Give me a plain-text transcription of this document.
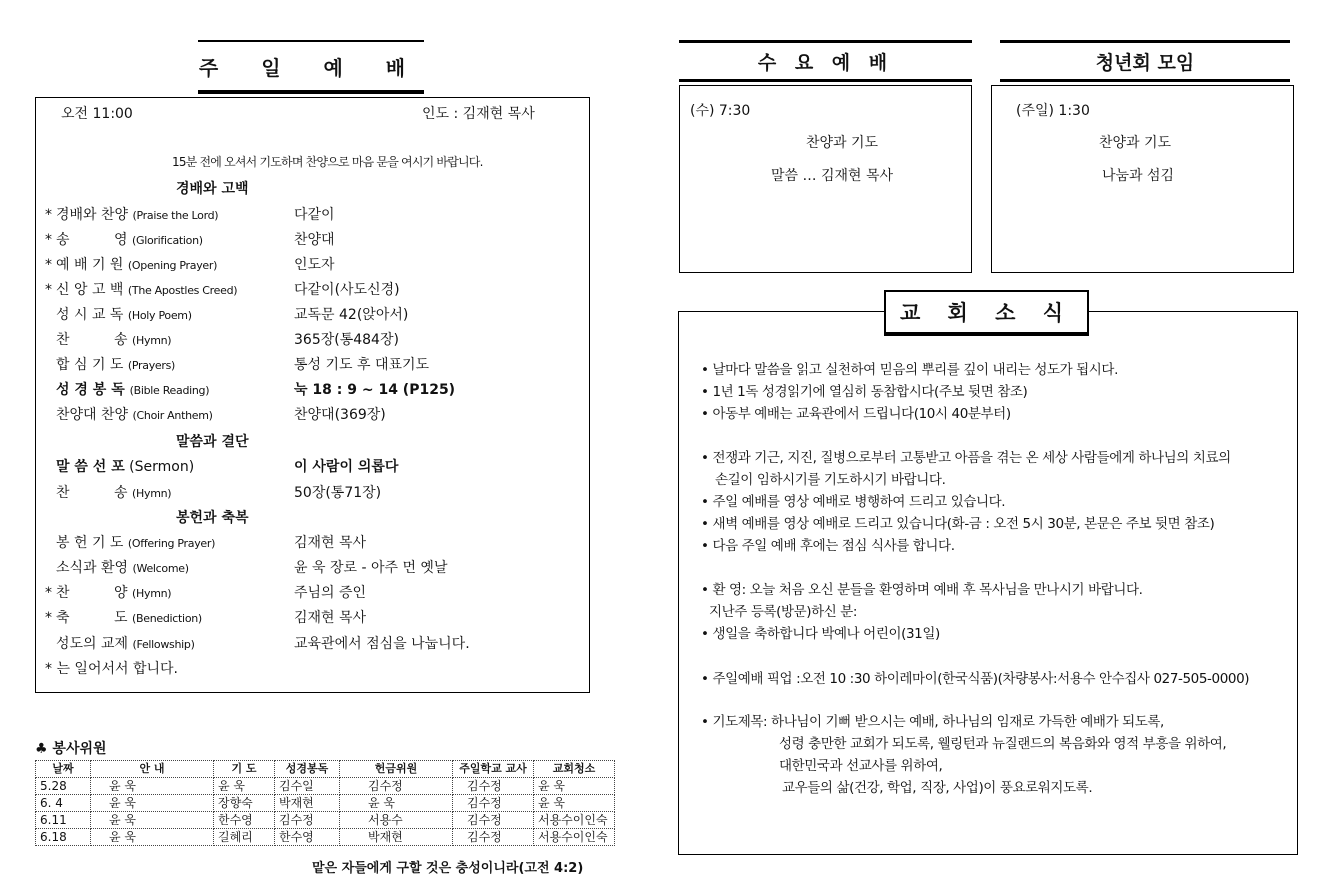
주 일 예 배
오전 11:00	인도 : 김재현 목사
15분 전에 오셔서 기도하며 찬양으로 마음 문을 여시기 바랍니다.
경배와 고백
* 경배와 찬양 (Praise the Lord)	다같이
* 송          영 (Glorification)	찬양대
* 예 배 기 원 (Opening Prayer)	인도자
* 신 앙 고 백 (The Apostles Creed)	다같이(사도신경)
성 시 교 독 (Holy Poem)	교독문 42(앉아서)
찬          송 (Hymn)	365장(통484장)
합 심 기 도 (Prayers)	통성 기도 후 대표기도
성 경 봉 독 (Bible Reading)	눅 18 : 9 ~ 14 (P125)
찬양대 찬양 (Choir Anthem)	찬양대(369장)
말씀과 결단
말 씀 선 포 (Sermon)	이 사람이 의롭다
찬          송 (Hymn)	50장(통71장)
봉헌과 축복
봉 헌 기 도 (Offering Prayer)	김재현 목사
소식과 환영 (Welcome)	윤 욱 장로 - 아주 먼 옛날
* 찬          양 (Hymn)	주님의 증인
* 축          도 (Benediction)	김재현 목사
성도의 교제 (Fellowship)	교육관에서 점심을 나눕니다.
* 는 일어서서 합니다.
♣ 봉사위원
날짜	안 내	기 도	성경봉독	헌금위원	주일학교 교사	교회청소
5.28	윤 욱	윤 욱	김수일	김수정	김수정	윤 욱
6. 4	윤 욱	장향숙	박재현	윤 욱	김수정	윤 욱
6.11	윤 욱	한수영	김수정	서용수	김수정	서용수이인숙
6.18	윤 욱	길혜리	한수영	박재현	김수정	서용수이인숙
맡은 자들에게 구할 것은 충성이니라(고전 4:2)
수 요 예 배
(수) 7:30
찬양과 기도
말씀 … 김재현 목사
청년회 모임
(주일) 1:30
찬양과 기도
나눔과 섬김
• 날마다 말씀을 읽고 실천하여 믿음의 뿌리를 깊이 내리는 성도가 됩시다.
• 1년 1독 성경읽기에 열심히 동참합시다(주보 뒷면 참조)
• 아동부 예배는 교육관에서 드립니다(10시 40분부터)
• 전쟁과 기근, 지진, 질병으로부터 고통받고 아픔을 겪는 온 세상 사람들에게 하나님의 치료의
손길이 임하시기를 기도하시기 바랍니다.
• 주일 예배를 영상 예배로 병행하여 드리고 있습니다.
• 새벽 예배를 영상 예배로 드리고 있습니다(화-금 : 오전 5시 30분, 본문은 주보 뒷면 참조)
• 다음 주일 예배 후에는 점심 식사를 합니다.
• 환 영: 오늘 처음 오신 분들을 환영하며 예배 후 목사님을 만나시기 바랍니다.
지난주 등록(방문)하신 분:
• 생일을 축하합니다 박예나 어린이(31일)
• 주일예배 픽업 :오전 10 :30 하이레마이(한국식품)(차량봉사:서용수 안수집사 027-505-0000)
• 기도제목: 하나님이 기뻐 받으시는 예배, 하나님의 임재로 가득한 예배가 되도록,
성령 충만한 교회가 되도록, 웰링턴과 뉴질랜드의 복음화와 영적 부흥을 위하여,
대한민국과 선교사를 위하여,
교우들의 삶(건강, 학업, 직장, 사업)이 풍요로워지도록.
교 회 소 식
